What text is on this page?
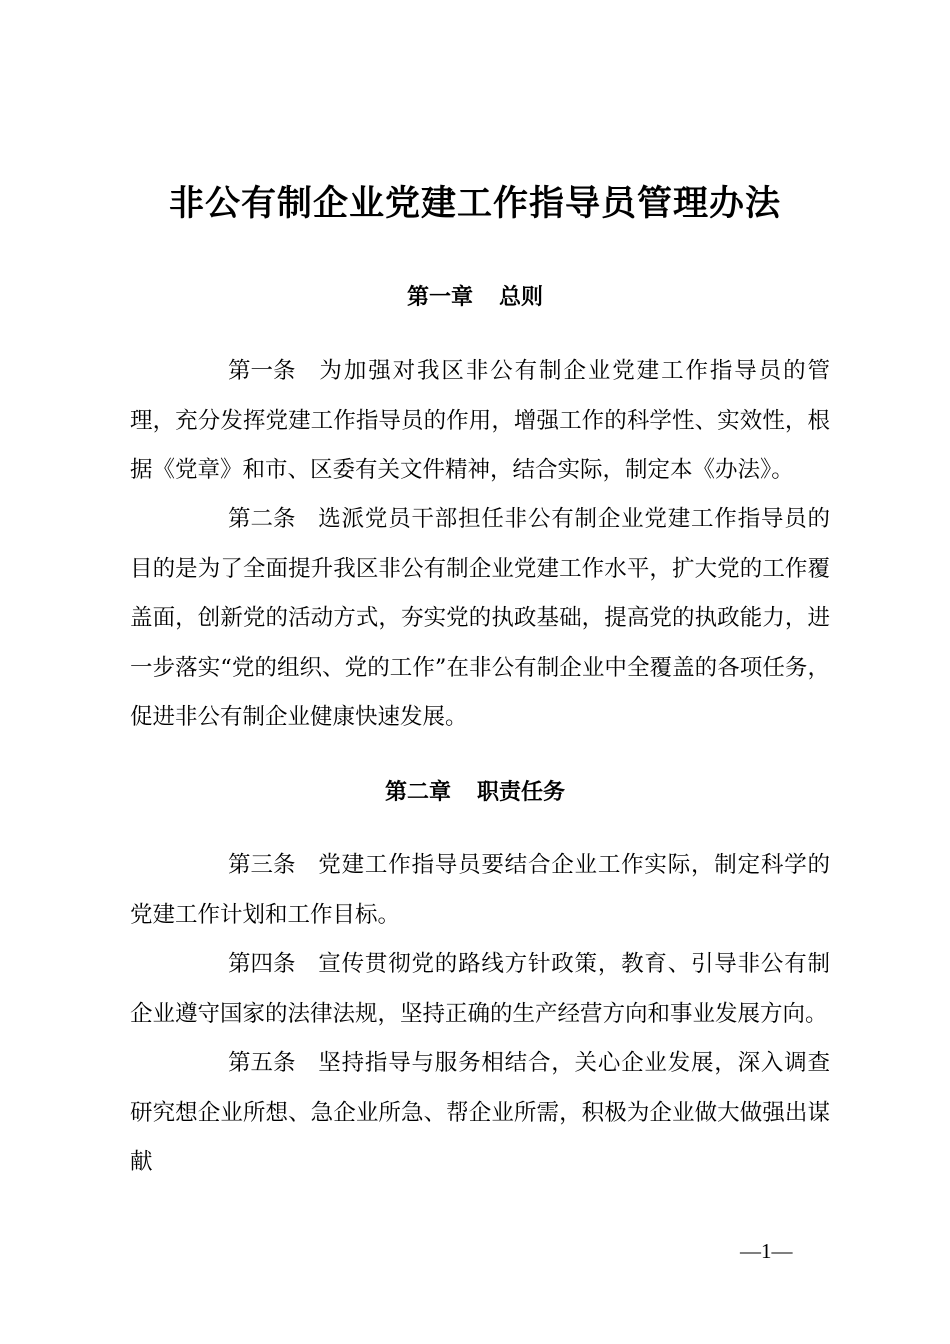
非公有制企业党建工作指导员管理办法
第一章 总则

第一条 为加强对我区非公有制企业党建工作指导员的管理，充分发挥党建工作指导员的作用，增强工作的科学性、实效性，根据《党章》和市、区委有关文件精神，结合实际，制定本《办法》。

第二条 选派党员干部担任非公有制企业党建工作指导员的目的是为了全面提升我区非公有制企业党建工作水平，扩大党的工作覆盖面，创新党的活动方式，夯实党的执政基础，提高党的执政能力，进一步落实“党的组织、党的工作”在非公有制企业中全覆盖的各项任务，促进非公有制企业健康快速发展。

第二章 职责任务

第三条 党建工作指导员要结合企业工作实际，制定科学的党建工作计划和工作目标。

第四条 宣传贯彻党的路线方针政策，教育、引导非公有制企业遵守国家的法律法规，坚持正确的生产经营方向和事业发展方向。

第五条 坚持指导与服务相结合，关心企业发展，深入调查研究想企业所想、急企业所急、帮企业所需，积极为企业做大做强出谋献

—1—
